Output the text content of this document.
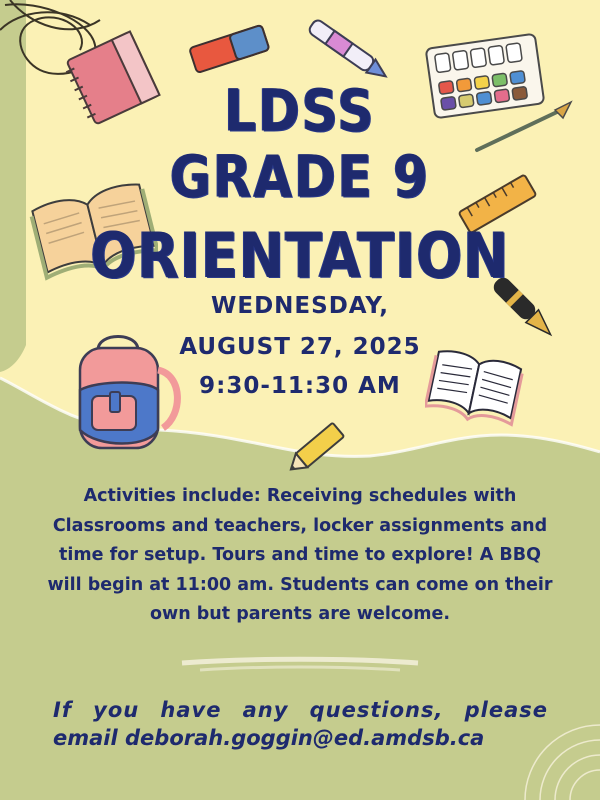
LDSS
GRADE 9
ORIENTATION
WEDNESDAY,
AUGUST 27, 2025
9:30-11:30 AM
Activities include: Receiving schedules with Classrooms and teachers, locker assignments and time for setup. Tours and time to explore! A BBQ will begin at 11:00 am. Students can come on their own but parents are welcome.
If you have any questions, please
email deborah.goggin@ed.amdsb.ca
